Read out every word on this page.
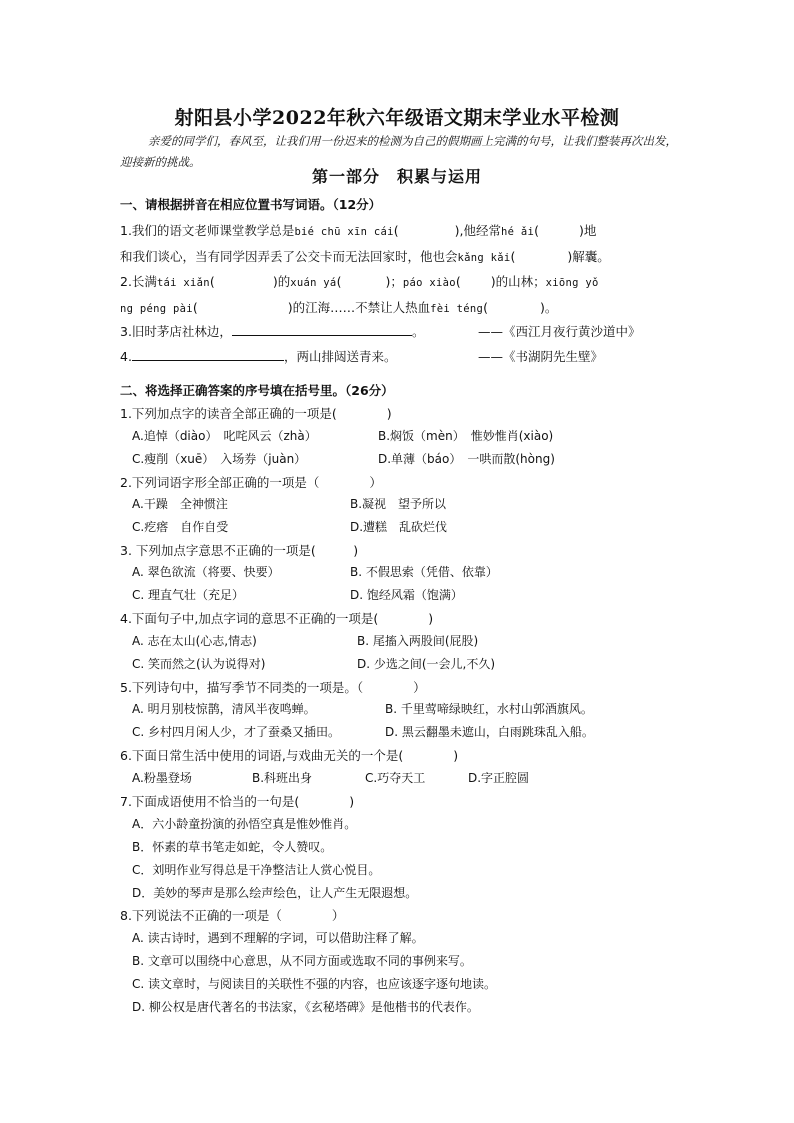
射阳县小学2022年秋六年级语文期末学业水平检测
亲爱的同学们，春风至，让我们用一份迟来的检测为自己的假期画上完满的句号，让我们整装再次出发，迎接新的挑战。
第一部分　积累与运用
一、请根据拼音在相应位置书写词语。（12分）
1.我们的语文老师课堂教学总是bié chū xīn cái(	),他经常hé ǎi(	)地
和我们谈心，当有同学因弄丢了公交卡而无法回家时，他也会kǎng kǎi(	)解囊。
2.长满tái xiǎn(	)的xuán yá(	)；páo xiào( )的山林；xiōng yǒ
ng péng pài(	)的江海……不禁让人热血fèi téng(	)。
3.旧时茅店社林边，	。	——《西江月夜行黄沙道中》
4.	，两山排闼送青来。	——《书湖阴先生壁》
二、将选择正确答案的序号填在括号里。（26分）
1.下列加点字的读音全部正确的一项是(　　　　)
A.追悼（diào）　叱咤风云（zhà）	B.焖饭（mèn）　惟妙惟肖(xiào)
C.瘦削（xuē）　入场券（juàn）	D.单薄（báo）　一哄而散(hòng)
2.下列词语字形全部正确的一项是（　　　　）
A.干躁　全神惯注	B.凝视　望予所以
C.疙瘩　自作自受	D.遭糕　乱砍烂伐
3. 下列加点字意思不正确的一项是(　　　)
A. 翠色欲流（将要、快要）	B. 不假思索（凭借、依靠）
C. 理直气壮（充足）	D. 饱经风霜（饱满）
4.下面句子中,加点字词的意思不正确的一项是(　　　　)
A. 志在太山(心志,情志)	B. 尾搐入两股间(屁股)
C. 笑而然之(认为说得对)	D. 少选之间(一会儿,不久)
5.下列诗句中，描写季节不同类的一项是。（　　　　）
A. 明月别枝惊鹊，清风半夜鸣蝉。	B. 千里莺啼绿映红，水村山郭酒旗风。
C. 乡村四月闲人少，才了蚕桑又插田。	D. 黑云翻墨未遮山，白雨跳珠乱入船。
6.下面日常生活中使用的词语,与戏曲无关的一个是(　　　　)
A.粉墨登场	B.科班出身	C.巧夺天工	D.字正腔圆
7.下面成语使用不恰当的一句是(　　　　)
A．六小龄童扮演的孙悟空真是惟妙惟肖。
B．怀素的草书笔走如蛇，令人赞叹。
C．刘明作业写得总是干净整洁让人赏心悦目。
D．美妙的琴声是那么绘声绘色，让人产生无限遐想。
8.下列说法不正确的一项是（　　　　）
A. 读古诗时，遇到不理解的字词，可以借助注释了解。
B. 文章可以围绕中心意思，从不同方面或选取不同的事例来写。
C. 读文章时，与阅读目的关联性不强的内容，也应该逐字逐句地读。
D. 柳公权是唐代著名的书法家，《玄秘塔碑》是他楷书的代表作。
